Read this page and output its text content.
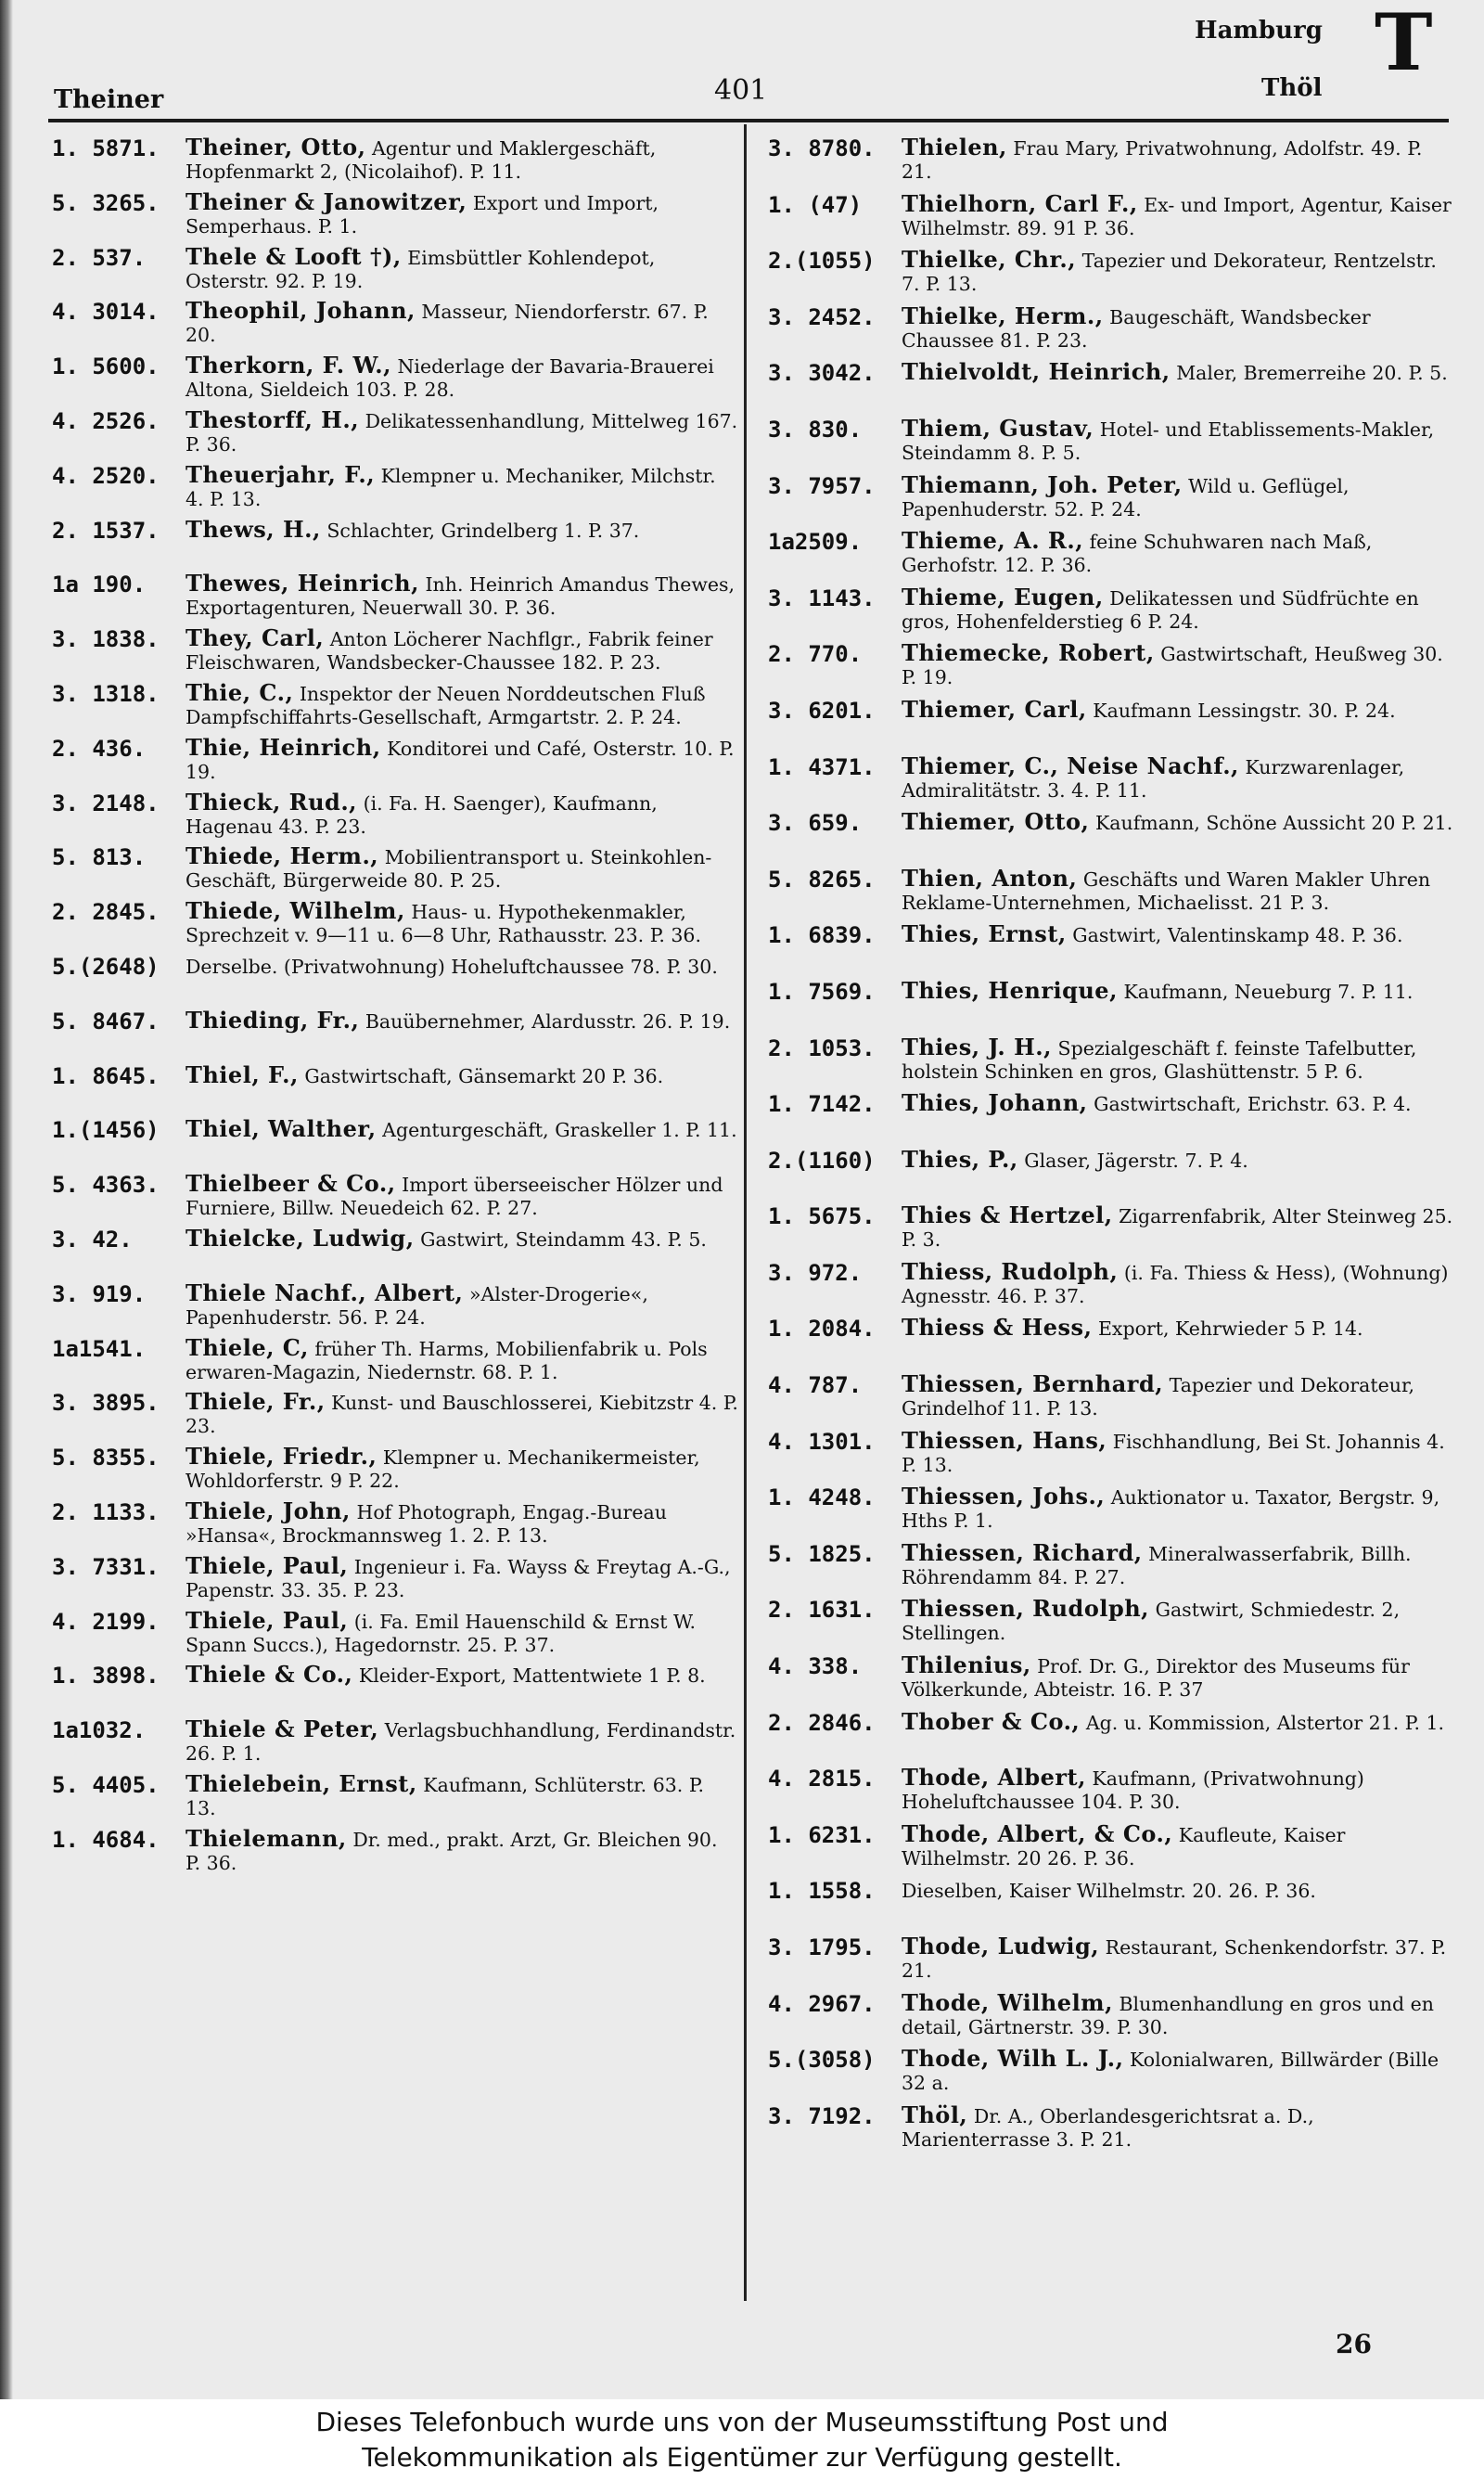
Theiner	401
Hamburg
Thöl T
1. 5871.	Theiner, Otto, Agentur und Maklergeschäft, Hopfenmarkt 2, (Nicolaihof). P. 11.
5. 3265.	Theiner & Janowitzer, Export und Import, Semperhaus. P. 1.
2. 537.	Thele & Looft †), Eimsbüttler Kohlendepot, Osterstr. 92. P. 19.
4. 3014.	Theophil, Johann, Masseur, Niendorferstr. 67. P. 20.
1. 5600.	Therkorn, F. W., Niederlage der Bavaria-Brauerei Altona, Sieldeich 103. P. 28.
4. 2526.	Thestorff, H., Delikatessenhandlung, Mittelweg 167. P. 36.
4. 2520.	Theuerjahr, F., Klempner u. Mechaniker, Milchstr. 4. P. 13.
2. 1537.	Thews, H., Schlachter, Grindelberg 1. P. 37.
1a 190.	Thewes, Heinrich, Inh. Heinrich Amandus Thewes, Exportagenturen, Neuerwall 30. P. 36.
3. 1838.	They, Carl, Anton Löcherer Nachflgr., Fabrik feiner Fleischwaren, Wandsbecker-Chaussee 182. P. 23.
3. 1318.	Thie, C., Inspektor der Neuen Norddeutschen Fluß Dampfschiffahrts-Gesellschaft, Armgartstr. 2. P. 24.
2. 436.	Thie, Heinrich, Konditorei und Café, Osterstr. 10. P. 19.
3. 2148.	Thieck, Rud., (i. Fa. H. Saenger), Kaufmann, Hagenau 43. P. 23.
5. 813.	Thiede, Herm., Mobilientransport u. Steinkohlen-Geschäft, Bürgerweide 80. P. 25.
2. 2845.	Thiede, Wilhelm, Haus- u. Hypothekenmakler, Sprechzeit v. 9—11 u. 6—8 Uhr, Rathausstr. 23. P. 36.
5.(2648)	Derselbe. (Privatwohnung) Hoheluftchaussee 78. P. 30.
5. 8467.	Thieding, Fr., Bauübernehmer, Alardusstr. 26. P. 19.
1. 8645.	Thiel, F., Gastwirtschaft, Gänsemarkt 20 P. 36.
1.(1456)	Thiel, Walther, Agenturgeschäft, Graskeller 1. P. 11.
5. 4363.	Thielbeer & Co., Import überseeischer Hölzer und Furniere, Billw. Neuedeich 62. P. 27.
3. 42.	Thielcke, Ludwig, Gastwirt, Steindamm 43. P. 5.
3. 919.	Thiele Nachf., Albert, »Alster-Drogerie«, Papenhuderstr. 56. P. 24.
1a1541.	Thiele, C, früher Th. Harms, Mobilienfabrik u. Pols erwaren-Magazin, Niedernstr. 68. P. 1.
3. 3895.	Thiele, Fr., Kunst- und Bauschlosserei, Kiebitzstr 4. P. 23.
5. 8355.	Thiele, Friedr., Klempner u. Mechanikermeister, Wohldorferstr. 9 P. 22.
2. 1133.	Thiele, John, Hof Photograph, Engag.-Bureau »Hansa«, Brockmannsweg 1. 2. P. 13.
3. 7331.	Thiele, Paul, Ingenieur i. Fa. Wayss & Freytag A.-G., Papenstr. 33. 35. P. 23.
4. 2199.	Thiele, Paul, (i. Fa. Emil Hauenschild & Ernst W. Spann Succs.), Hagedornstr. 25. P. 37.
1. 3898.	Thiele & Co., Kleider-Export, Mattentwiete 1 P. 8.
1a1032.	Thiele & Peter, Verlagsbuchhandlung, Ferdinandstr. 26. P. 1.
5. 4405.	Thielebein, Ernst, Kaufmann, Schlüterstr. 63. P. 13.
1. 4684.	Thielemann, Dr. med., prakt. Arzt, Gr. Bleichen 90. P. 36.
3. 8780.	Thielen, Frau Mary, Privatwohnung, Adolfstr. 49. P. 21.
1. (47)	Thielhorn, Carl F., Ex- und Import, Agentur, Kaiser Wilhelmstr. 89. 91 P. 36.
2.(1055)	Thielke, Chr., Tapezier und Dekorateur, Rentzelstr. 7. P. 13.
3. 2452.	Thielke, Herm., Baugeschäft, Wandsbecker Chaussee 81. P. 23.
3. 3042.	Thielvoldt, Heinrich, Maler, Bremerreihe 20. P. 5.
3. 830.	Thiem, Gustav, Hotel- und Etablissements-Makler, Steindamm 8. P. 5.
3. 7957.	Thiemann, Joh. Peter, Wild u. Geflügel, Papenhuderstr. 52. P. 24.
1a2509.	Thieme, A. R., feine Schuhwaren nach Maß, Gerhofstr. 12. P. 36.
3. 1143.	Thieme, Eugen, Delikatessen und Südfrüchte en gros, Hohenfelderstieg 6 P. 24.
2. 770.	Thiemecke, Robert, Gastwirtschaft, Heußweg 30. P. 19.
3. 6201.	Thiemer, Carl, Kaufmann Lessingstr. 30. P. 24.
1. 4371.	Thiemer, C., Neise Nachf., Kurzwarenlager, Admiralitätstr. 3. 4. P. 11.
3. 659.	Thiemer, Otto, Kaufmann, Schöne Aussicht 20 P. 21.
5. 8265.	Thien, Anton, Geschäfts und Waren Makler Uhren Reklame-Unternehmen, Michaelisst. 21 P. 3.
1. 6839.	Thies, Ernst, Gastwirt, Valentinskamp 48. P. 36.
1. 7569.	Thies, Henrique, Kaufmann, Neueburg 7. P. 11.
2. 1053.	Thies, J. H., Spezialgeschäft f. feinste Tafelbutter, holstein Schinken en gros, Glashüttenstr. 5 P. 6.
1. 7142.	Thies, Johann, Gastwirtschaft, Erichstr. 63. P. 4.
2.(1160)	Thies, P., Glaser, Jägerstr. 7. P. 4.
1. 5675.	Thies & Hertzel, Zigarrenfabrik, Alter Steinweg 25. P. 3.
3. 972.	Thiess, Rudolph, (i. Fa. Thiess & Hess), (Wohnung) Agnesstr. 46. P. 37.
1. 2084.	Thiess & Hess, Export, Kehrwieder 5 P. 14.
4. 787.	Thiessen, Bernhard, Tapezier und Dekorateur, Grindelhof 11. P. 13.
4. 1301.	Thiessen, Hans, Fischhandlung, Bei St. Johannis 4. P. 13.
1. 4248.	Thiessen, Johs., Auktionator u. Taxator, Bergstr. 9, Hths P. 1.
5. 1825.	Thiessen, Richard, Mineralwasserfabrik, Billh. Röhrendamm 84. P. 27.
2. 1631.	Thiessen, Rudolph, Gastwirt, Schmiedestr. 2, Stellingen.
4. 338.	Thilenius, Prof. Dr. G., Direktor des Museums für Völkerkunde, Abteistr. 16. P. 37
2. 2846.	Thober & Co., Ag. u. Kommission, Alstertor 21. P. 1.
4. 2815.	Thode, Albert, Kaufmann, (Privatwohnung) Hoheluftchaussee 104. P. 30.
1. 6231.	Thode, Albert, & Co., Kaufleute, Kaiser Wilhelmstr. 20 26. P. 36.
1. 1558.	Dieselben, Kaiser Wilhelmstr. 20. 26. P. 36.
3. 1795.	Thode, Ludwig, Restaurant, Schenkendorfstr. 37. P. 21.
4. 2967.	Thode, Wilhelm, Blumenhandlung en gros und en detail, Gärtnerstr. 39. P. 30.
5.(3058)	Thode, Wilh L. J., Kolonialwaren, Billwärder (Bille 32 a.
3. 7192.	Thöl, Dr. A., Oberlandesgerichtsrat a. D., Marienterrasse 3. P. 21.
26
Dieses Telefonbuch wurde uns von der Museumsstiftung Post und
Telekommunikation als Eigentümer zur Verfügung gestellt.
